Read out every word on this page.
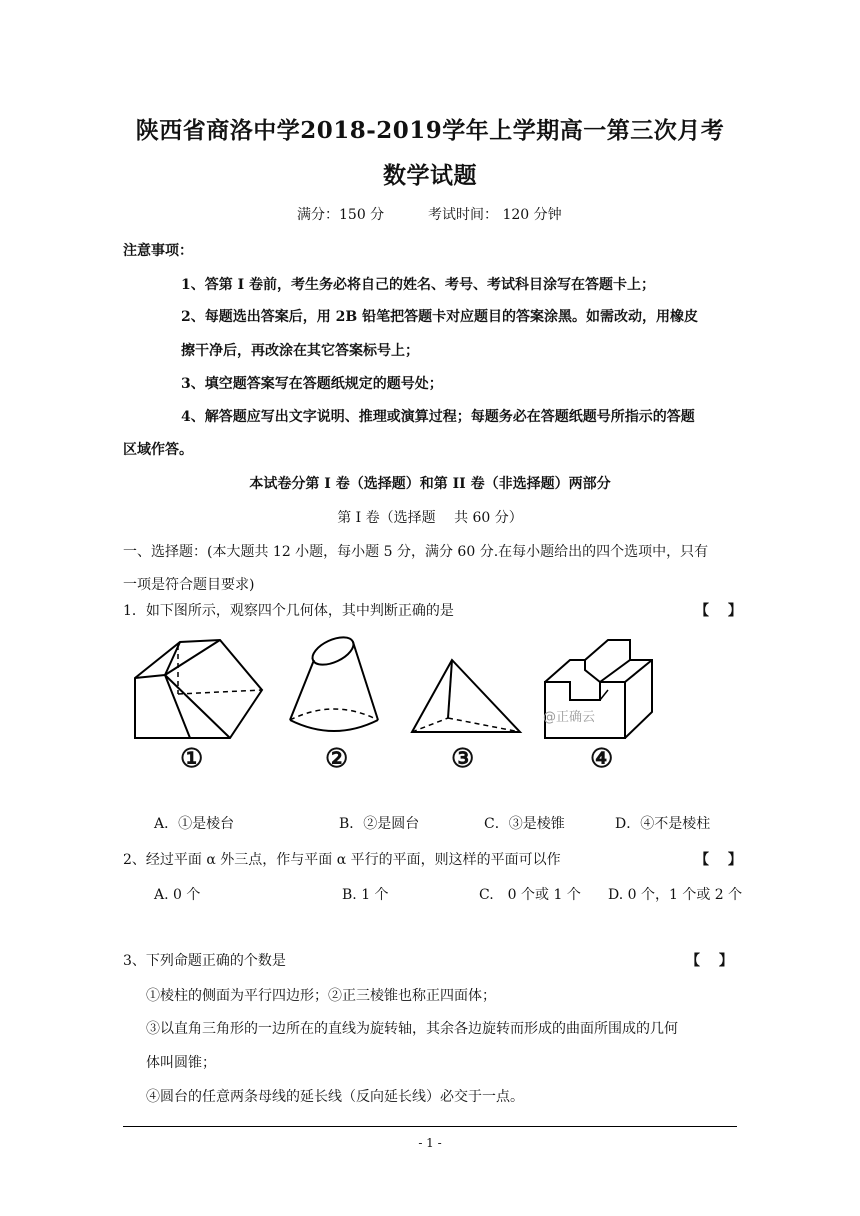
陕西省商洛中学2018-2019学年上学期高一第三次月考
数学试题
满分：150 分	考试时间： 120 分钟
注意事项：
1、答第 I 卷前，考生务必将自己的姓名、考号、考试科目涂写在答题卡上；
2、每题选出答案后，用 2B 铅笔把答题卡对应题目的答案涂黑。如需改动，用橡皮
擦干净后，再改涂在其它答案标号上；
3、填空题答案写在答题纸规定的题号处；
4、解答题应写出文字说明、推理或演算过程；每题务必在答题纸题号所指示的答题
区域作答。
本试卷分第 I 卷（选择题）和第 II 卷（非选择题）两部分
第 I 卷（选择题　 共 60 分）
一、选择题：(本大题共 12 小题，每小题 5 分，满分 60 分.在每小题给出的四个选项中，只有
一项是符合题目要求)
1．如下图所示，观察四个几何体，其中判断正确的是	【　 】
@正确云
①	②	③	④
A．①是棱台	B．②是圆台	C．③是棱锥	D．④不是棱柱
2、经过平面 α 外三点，作与平面 α 平行的平面，则这样的平面可以作	【　 】
A. 0 个	B. 1 个	C.　0 个或 1 个 D. 0 个，1 个或 2 个
3、下列命题正确的个数是	【　 】
①棱柱的侧面为平行四边形；②正三棱锥也称正四面体；
③以直角三角形的一边所在的直线为旋转轴，其余各边旋转而形成的曲面所围成的几何
体叫圆锥；
④圆台的任意两条母线的延长线（反向延长线）必交于一点。
- 1 -
